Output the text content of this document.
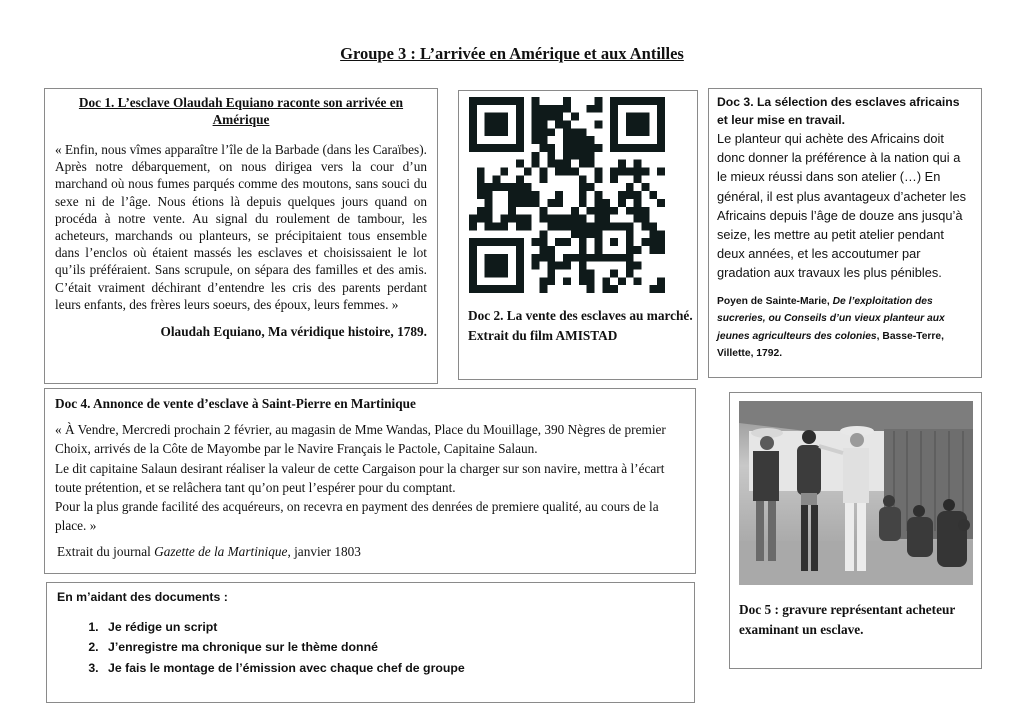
Groupe 3 : L’arrivée en Amérique et aux Antilles
Doc 1. L’esclave Olaudah Equiano raconte son arrivée en Amérique
« Enfin, nous vîmes apparaître l’île de la Barbade (dans les Caraïbes). Après notre débarquement, on nous dirigea vers la cour d’un marchand où nous fumes parqués comme des moutons, sans souci du sexe ni de l’âge. Nous étions là depuis quelques jours quand on procéda à notre vente. Au signal du roulement de tambour, les acheteurs, marchands ou planteurs, se précipitaient tous ensemble dans l’enclos où étaient massés les esclaves et choisissaient le lot qu’ils préféraient. Sans scrupule, on sépara des familles et des amis. C’était vraiment déchirant d’entendre les cris des parents perdant leurs enfants, des frères leurs soeurs, des époux, leurs femmes. »
Olaudah Equiano, Ma véridique histoire, 1789.
Doc 2. La vente des esclaves au marché. Extrait du film AMISTAD
Doc 3. La sélection des esclaves africains et leur mise en travail.
Le planteur qui achète des Africains doit donc donner la préférence à la nation qui a le mieux réussi dans son atelier (…) En général, il est plus avantageux d’acheter les Africains depuis l’âge de douze ans jusqu’à seize, les mettre au petit atelier pendant deux années, et les accoutumer par gradation aux travaux les plus pénibles.
Poyen de Sainte-Marie, De l’exploitation des sucreries, ou Conseils d’un vieux planteur aux jeunes agriculteurs des colonies, Basse-Terre, Villette, 1792.
Doc 4. Annonce de vente d’esclave à Saint-Pierre en Martinique
« À Vendre, Mercredi prochain 2 février, au magasin de Mme Wandas, Place du Mouillage, 390 Nègres de premier Choix, arrivés de la Côte de Mayombe par le Navire Français le Pactole, Capitaine Salaun.
Le dit capitaine Salaun desirant réaliser la valeur de cette Cargaison pour la charger sur son navire, mettra à l’écart toute prétention, et se relâchera tant qu’on peut l’espérer pour du comptant.
Pour la plus grande facilité des acquéreurs, on recevra en payment des denrées de premiere qualité, au cours de la place. »
Extrait du journal Gazette de la Martinique, janvier 1803
En m’aidant des documents :
1. Je rédige un script
2. J’enregistre ma chronique sur le thème donné
3. Je fais le montage de l’émission avec chaque chef de groupe
Doc 5 : gravure représentant acheteur examinant un esclave.
